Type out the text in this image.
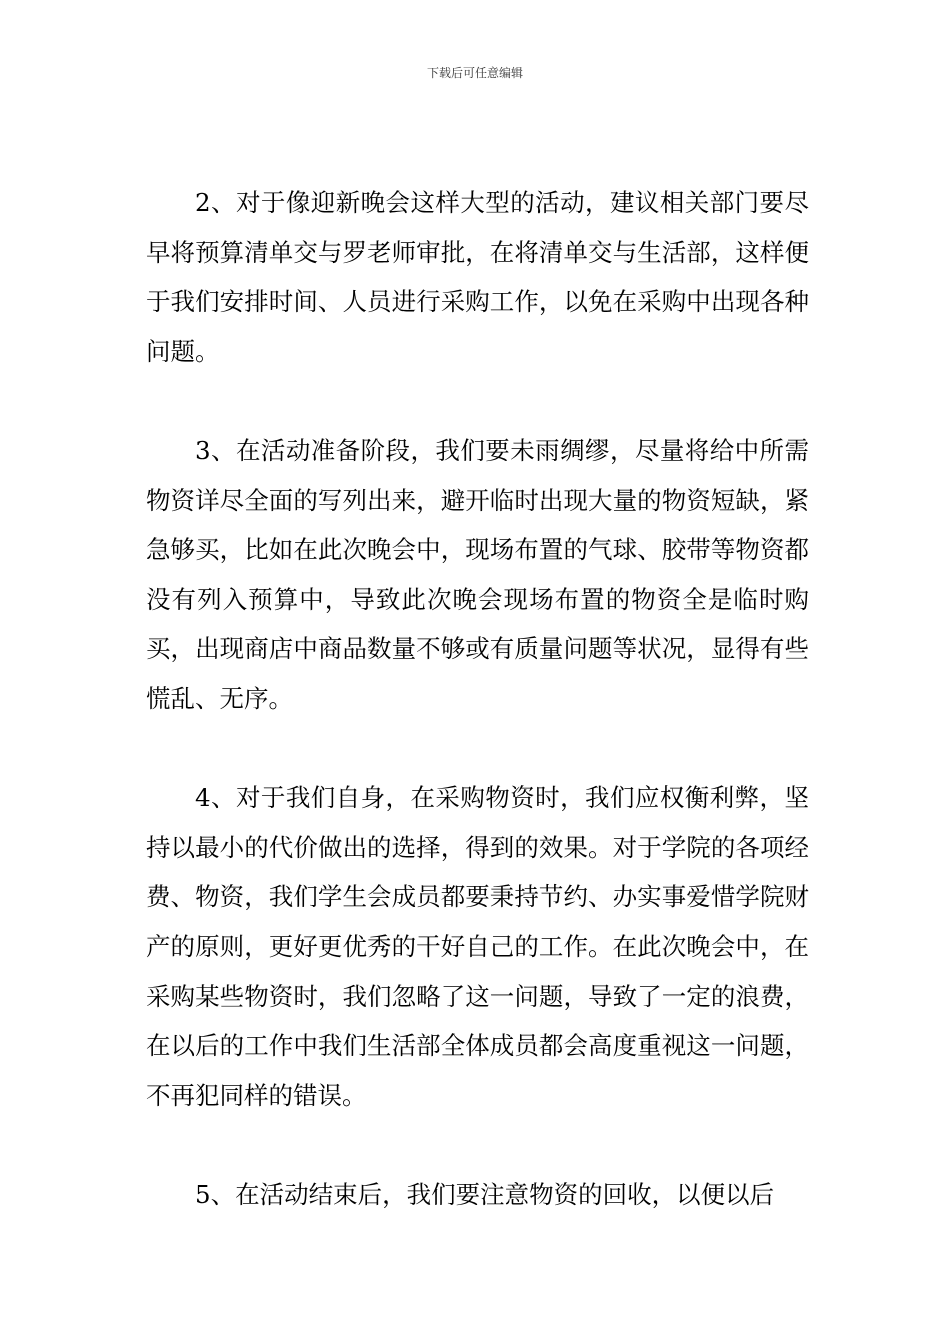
下载后可任意编辑

2、对于像迎新晚会这样大型的活动，建议相关部门要尽早将预算清单交与罗老师审批，在将清单交与生活部，这样便于我们安排时间、人员进行采购工作，以免在采购中出现各种问题。

3、在活动准备阶段，我们要未雨绸缪，尽量将给中所需物资详尽全面的写列出来，避开临时出现大量的物资短缺，紧急够买，比如在此次晚会中，现场布置的气球、胶带等物资都没有列入预算中，导致此次晚会现场布置的物资全是临时购买，出现商店中商品数量不够或有质量问题等状况，显得有些慌乱、无序。

4、对于我们自身，在采购物资时，我们应权衡利弊，坚持以最小的代价做出的选择，得到的效果。对于学院的各项经费、物资，我们学生会成员都要秉持节约、办实事爱惜学院财产的原则，更好更优秀的干好自己的工作。在此次晚会中，在采购某些物资时，我们忽略了这一问题，导致了一定的浪费，在以后的工作中我们生活部全体成员都会高度重视这一问题，不再犯同样的错误。

5、在活动结束后，我们要注意物资的回收，以便以后
